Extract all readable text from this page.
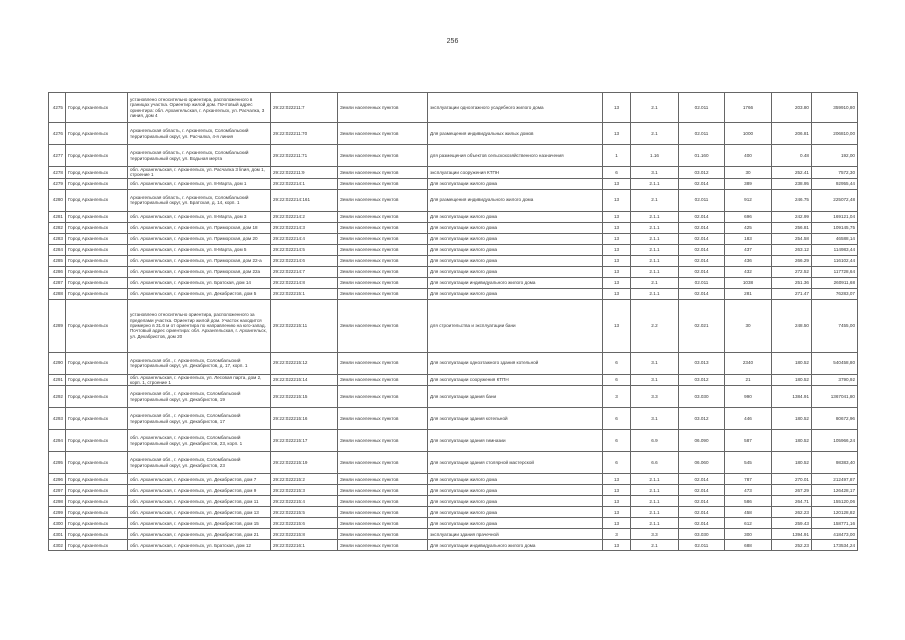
256
4275	Город Архангельск	установлено относительно ориентира, расположенного в границах участка. Ориентир жилой дом. Почтовый адрес ориентира: обл. Архангельская, г. Архангельск, ул. Расчалка, 3 линия, дом 4	29:22:022211:7	Земли населенных пунктов	эксплуатации одноэтажного усадебного жилого дома	13	2.1	02.011	1766	203.80	359910,80
4276	Город Архангельск	Архангельская область, г. Архангельск, Соломбальский территориальный округ, ул. Расчалка, 4-я линия	29:22:022211:70	Земли населенных пунктов	Для размещения индивидуальных жилых домов	13	2.1	02.011	1000	206.81	206810,00
4277	Город Архангельск	Архангельская область, г. Архангельск, Соломбальский территориальный округ, ул. Водьная мерта	29:22:022211:71	Земли населенных пунктов	для размещения объектов сельскохозяйственного назначения	1	1.16	01.160	400	0.48	192,00
4278	Город Архангельск	обл. Архангельская, г. Архангельск, ул. Расчалка 3 linия, дом 1, строение 1	29:22:022211:9	Земли населенных пунктов	эксплуатации сооружения КТПН	6	3.1	03.012	30	252.41	7572,30
4279	Город Архангельск	обл. Архангельская, г. Архангельск, ул. 8-Марта, дом 1	29:22:022214:1	Земли населенных пунктов	Для эксплуатации жилого дома	13	2.1.1	02.014	389	238.95	92955,44
4280	Город Архангельск	Архангельская область, г. Архангельск, Соломбальский территориальный округ, ул. Братская, д. 14, корп. 1	29:22:022214:161	Земли населенных пунктов	Для размещения индивидуального жилого дома	13	2.1	02.011	912	246.75	225072,48
4281	Город Архангельск	обл. Архангельская, г. Архангельск, ул. 8-Марта, дом 3	29:22:022214:2	Земли населенных пунктов	Для эксплуатации жилого дома	13	2.1.1	02.014	696	242.99	169121,04
4282	Город Архангельск	обл. Архангельская, г. Архангельск, ул. Приморская, дом 18	29:22:022214:3	Земли населенных пунктов	Для эксплуатации жилого дома	13	2.1.1	02.014	425	256.81	109145,75
4283	Город Архангельск	обл. Архангельская, г. Архангельск, ул. Приморская, дом 20	29:22:022214:4	Земли населенных пунктов	Для эксплуатации жилого дома	13	2.1.1	02.014	183	254.58	46588,14
4284	Город Архангельск	обл. Архангельская, г. Архангельск, ул. 8-Марта, дом 5	29:22:022214:5	Земли населенных пунктов	Для эксплуатации жилого дома	13	2.1.1	02.014	437	263.12	114983,44
4285	Город Архангельск	обл. Архангельская, г. Архангельск, ул. Приморская, дом 22-а	29:22:022214:6	Земли населенных пунктов	Для эксплуатации жилого дома	13	2.1.1	02.014	436	266.29	116102,44
4286	Город Архангельск	обл. Архангельская, г. Архангельск, ул. Приморская, дом 22а	29:22:022214:7	Земли населенных пунктов	Для эксплуатации жилого дома	13	2.1.1	02.014	432	272.52	117728,64
4287	Город Архангельск	обл. Архангельская, г. Архангельск, ул. Братская, дом 14	29:22:022214:8	Земли населенных пунктов	Для эксплуатации индивидуального жилого дома	13	2.1	02.011	1038	251.36	260911,68
4288	Город Архангельск	обл. Архангельская, г. Архангельск, ул. Декабристов, дом 5	29:22:022215:1	Земли населенных пунктов	Для эксплуатации жилого дома	13	2.1.1	02.014	281	271.47	76283,07
4289	Город Архангельск	установлено относительно ориентира, расположенного за пределами участка. Ориентир жилой дом. Участок находится примерно в 31.6 м от ориентира по направлению на юго-запад. Почтовый адрес ориентира: обл. Архангельская, г. Архангельск, ул. Декабристов, дом 20	29:22:022215:11	Земли населенных пунктов	для строительства и эксплуатации бани	13	2.2	02.021	30	248.50	7455,00
4290	Город Архангельск	Архангельская обл., г. Архангельск, Соломбальский территориальный округ, ул. Декабристов, д. 17, корп. 1	29:22:022215:12	Земли населенных пунктов	Для эксплуатации одноэтажного здания котельной	6	3.1	03.013	2340	180.52	540458,80
4291	Город Архангельск	обл. Архангельская, г. Архангельск, ул. Лесовая парта, дом 2, корп. 1, строение 1	29:22:022215:14	Земли населенных пунктов	Для эксплуатации сооружения КТПН	6	3.1	03.012	21	180.52	3790,92
4292	Город Архангельск	Архангельская обл., г. Архангельск, Соломбальский территориальный округ, ул. Декабристов, 19	29:22:022215:15	Земли населенных пунктов	Для эксплуатации здания бани	3	3.3	03.030	990	1384.91	1367041,80
4293	Город Архангельск	Архангельская обл., г. Архангельск, Соломбальский территориальный округ, ул. Декабристов, 17	29:22:022215:16	Земли населенных пунктов	Для эксплуатации здания котельной	6	3.1	03.012	446	180.52	80672,96
4294	Город Архангельск	обл. Архангельская, г. Архангельск, Соломбальский территориальный округ, ул. Декабристов, 23, корп. 1	29:22:022215:17	Земли населенных пунктов	Для эксплуатации здания гимназии	6	6.9	06.090	587	180.52	105966,24
4295	Город Архангельск	Архангельская обл., г. Архангельск, Соломбальский территориальный округ, ул. Декабристов, 23	29:22:022215:19	Земли населенных пунктов	Для эксплуатации здания столярной мастерской	6	6.6	06.060	545	180.52	98383,40
4296	Город Архангельск	обл. Архангельская, г. Архангельск, ул. Декабристов, дом 7	29:22:022215:2	Земли населенных пунктов	Для эксплуатации жилого дома	13	2.1.1	02.014	787	270.01	212497,87
4297	Город Архангельск	обл. Архангельская, г. Архангельск, ул. Декабристов, дом 9	29:22:022215:3	Земли населенных пунктов	Для эксплуатации жилого дома	13	2.1.1	02.014	473	267.29	126428,17
4298	Город Архангельск	обл. Архангельская, г. Архангельск, ул. Декабристов, дом 11	29:22:022215:4	Земли населенных пунктов	Для эксплуатации жилого дома	13	2.1.1	02.014	586	264.71	155120,06
4299	Город Архангельск	обл. Архангельская, г. Архангельск, ул. Декабристов, дом 13	29:22:022215:5	Земли населенных пунктов	Для эксплуатации жилого дома	13	2.1.1	02.014	458	262.23	120128,82
4300	Город Архангельск	обл. Архангельская, г. Архангельск, ул. Декабристов, дом 15	29:22:022215:6	Земли населенных пунктов	Для эксплуатации жилого дома	13	2.1.1	02.014	612	259.43	158771,16
4301	Город Архангельск	обл. Архангельская, г. Архангельск, ул. Декабристов, дом 21	29:22:022215:8	Земли населенных пунктов	эксплуатации здания прачечной	3	3.3	03.030	300	1394.91	418473,00
4302	Город Архангельск	обл. Архангельская, г. Архангельск, ул. Братская, дом 12	29:22:022216:1	Земли населенных пунктов	Для эксплуатации индивидуального жилого дома	13	2.1	02.011	688	252.23	173534,24
